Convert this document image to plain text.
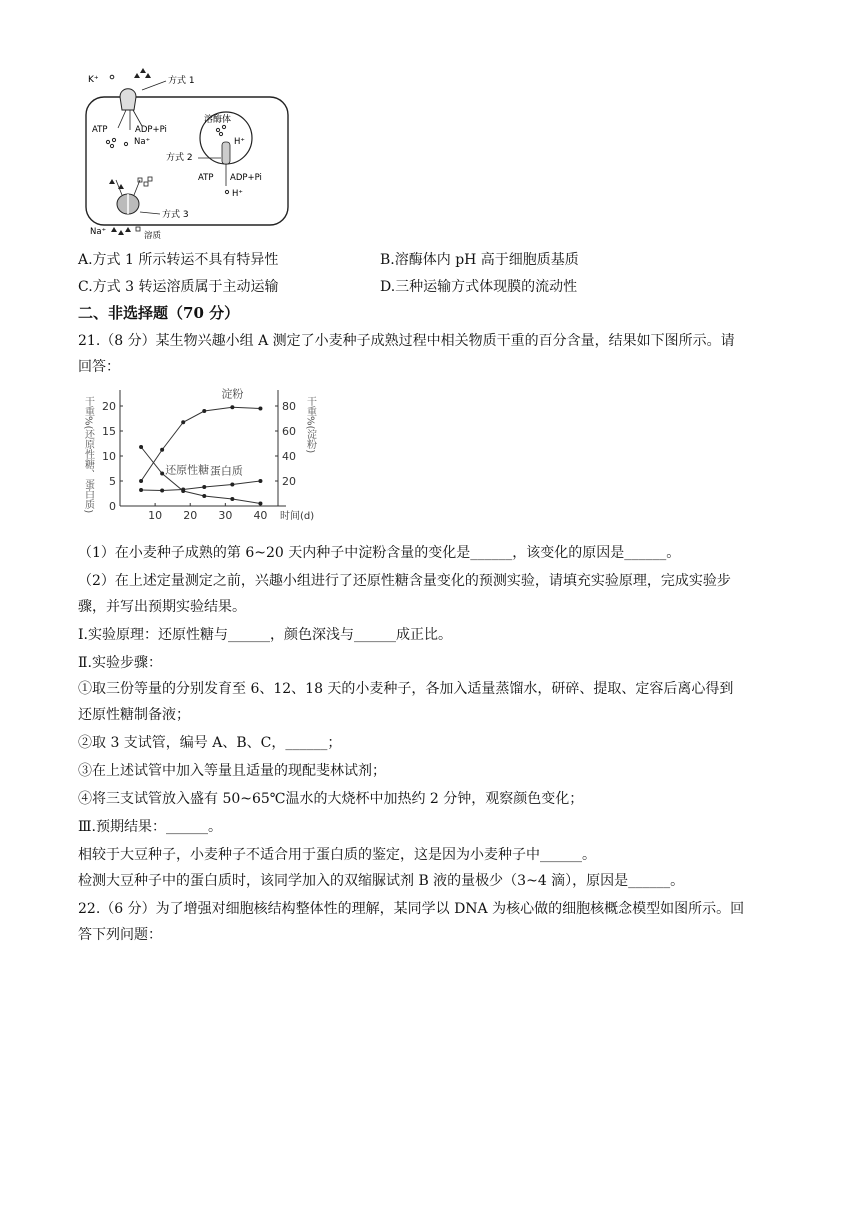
K⁺	方式 1
ATP	ADP+Pi
Na⁺
溶酶体
H⁺
方式 2
ATP ADP+Pi
H⁺
方式 3
Na⁺	溶质
A.方式 1 所示转运不具有特异性	B.溶酶体内 pH 高于细胞质基质
C.方式 3 转运溶质属于主动运输	D.三种运输方式体现膜的流动性
二、非选择题（70 分）
21.（8 分）某生物兴趣小组 A 测定了小麦种子成熟过程中相关物质干重的百分含量，结果如下图所示。请
回答：
干重%(还原性糖、蛋白质)	干重%(淀粉)
10 20 30 40 时间(d)
0
5
10
15
20
20
40
60
80
淀粉
还原性糖 蛋白质
（1）在小麦种子成熟的第 6~20 天内种子中淀粉含量的变化是______，该变化的原因是______。
（2）在上述定量测定之前，兴趣小组进行了还原性糖含量变化的预测实验，请填充实验原理，完成实验步
骤，并写出预期实验结果。
I.实验原理：还原性糖与______，颜色深浅与______成正比。
Ⅱ.实验步骤：
①取三份等量的分别发育至 6、12、18 天的小麦种子，各加入适量蒸馏水，研碎、提取、定容后离心得到
还原性糖制备液；
②取 3 支试管，编号 A、B、C，______；
③在上述试管中加入等量且适量的现配斐林试剂；
④将三支试管放入盛有 50~65℃温水的大烧杯中加热约 2 分钟，观察颜色变化；
Ⅲ.预期结果：______。
相较于大豆种子，小麦种子不适合用于蛋白质的鉴定，这是因为小麦种子中______。
检测大豆种子中的蛋白质时，该同学加入的双缩脲试剂 B 液的量极少（3~4 滴），原因是______。
22.（6 分）为了增强对细胞核结构整体性的理解，某同学以 DNA 为核心做的细胞核概念模型如图所示。回
答下列问题：
